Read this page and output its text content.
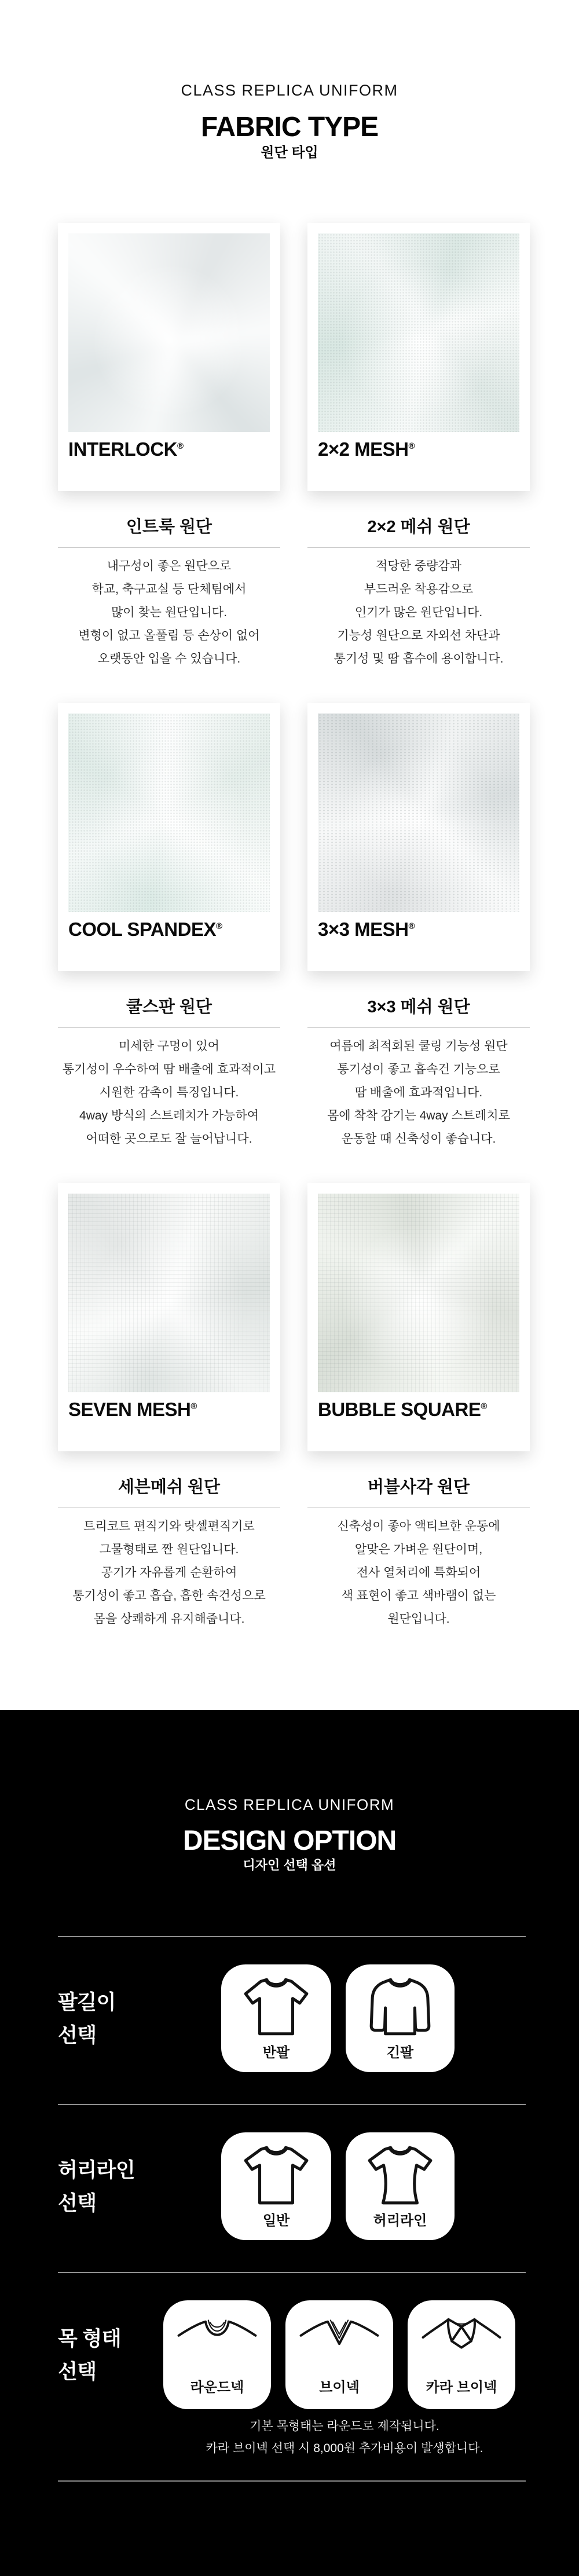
CLASS REPLICA UNIFORM
FABRIC TYPE
원단 타입
INTERLOCK®	2×2 MESH®
COOL SPANDEX®	3×3 MESH®
SEVEN MESH®	BUBBLE SQUARE®
인트룩 원단
내구성이 좋은 원단으로
학교, 축구교실 등 단체팀에서
많이 찾는 원단입니다.
변형이 없고 올풀림 등 손상이 없어
오랫동안 입을 수 있습니다.
2×2 메쉬 원단
적당한 중량감과
부드러운 착용감으로
인기가 많은 원단입니다.
기능성 원단으로 자외선 차단과
통기성 및 땀 흡수에 용이합니다.
쿨스판 원단
미세한 구멍이 있어
통기성이 우수하여 땀 배출에 효과적이고
시원한 감촉이 특징입니다.
4way 방식의 스트레치가 가능하여
어떠한 곳으로도 잘 늘어납니다.
3×3 메쉬 원단
여름에 최적회된 쿨링 기능성 원단
통기성이 좋고 흡속건 기능으로
땀 배출에 효과적입니다.
몸에 착착 감기는 4way 스트레치로
운동할 때 신축성이 좋습니다.
세븐메쉬 원단
트리코트 편직기와 랏셀편직기로
그물형태로 짠 원단입니다.
공기가 자유롭게 순환하여
통기성이 좋고 흡습, 흡한 속건성으로
몸을 상쾌하게 유지해줍니다.
버블사각 원단
신축성이 좋아 액티브한 운동에
알맞은 가벼운 원단이며,
전사 열처리에 특화되어
색 표현이 좋고 색바램이 없는
원단입니다.
CLASS REPLICA UNIFORM
DESIGN OPTION
디자인 선택 옵션
팔길이
선택
반팔	긴팔
허리라인
선택
일반	허리라인
목 형태
선택
라운드넥	브이넥	카라 브이넥
기본 목형태는 라운드로 제작됩니다.
카라 브이넥 선택 시 8,000원 추가비용이 발생합니다.
